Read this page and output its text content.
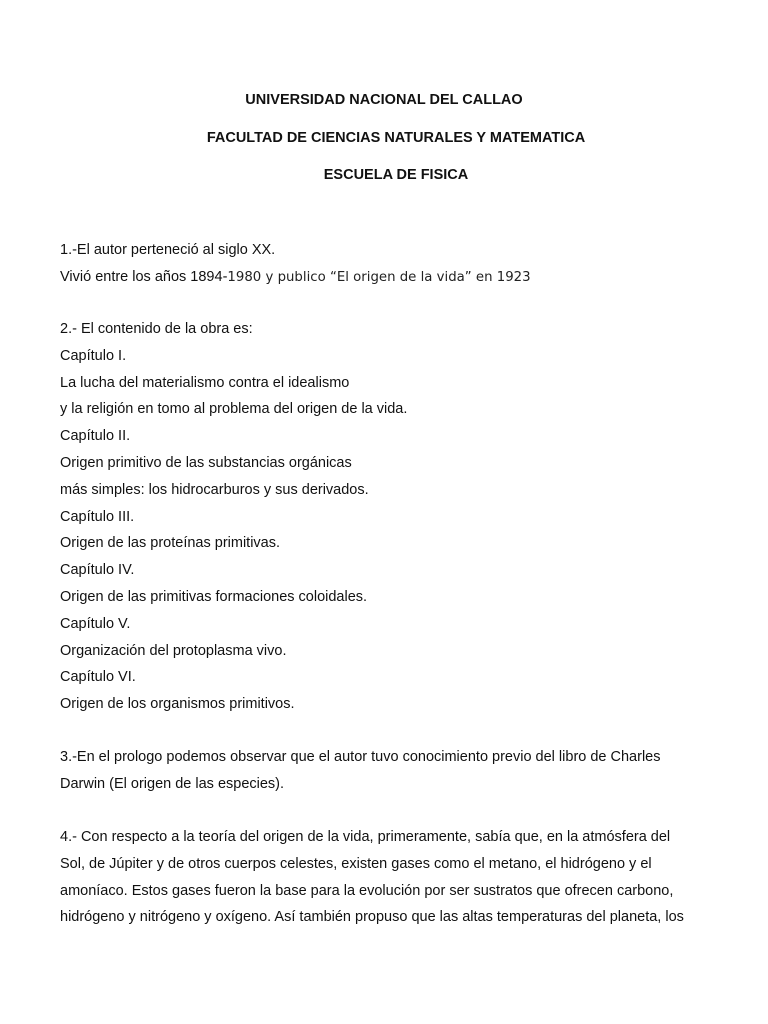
UNIVERSIDAD NACIONAL DEL CALLAO
FACULTAD DE CIENCIAS NATURALES Y MATEMATICA
ESCUELA DE FISICA
1.-El autor perteneció al siglo XX.
Vivió entre los años 1894-1980 y publico “El origen de la vida” en 1923
2.- El contenido de la obra es:
Capítulo I.
La lucha del materialismo contra el idealismo
y la religión en tomo al problema del origen de la vida.
Capítulo II.
Origen primitivo de las substancias orgánicas
más simples: los hidrocarburos y sus derivados.
Capítulo III.
Origen de las proteínas primitivas.
Capítulo IV.
Origen de las primitivas formaciones coloidales.
Capítulo V.
Organización del protoplasma vivo.
Capítulo VI.
Origen de los organismos primitivos.
3.-En el prologo podemos observar que el autor tuvo conocimiento previo del libro de Charles
Darwin (El origen de las especies).
4.- Con respecto a la teoría del origen de la vida, primeramente, sabía que, en la atmósfera del
Sol, de Júpiter y de otros cuerpos celestes, existen gases como el metano, el hidrógeno y el
amoníaco. Estos gases fueron la base para la evolución por ser sustratos que ofrecen carbono,
hidrógeno y nitrógeno y oxígeno. Así también propuso que las altas temperaturas del planeta, los
